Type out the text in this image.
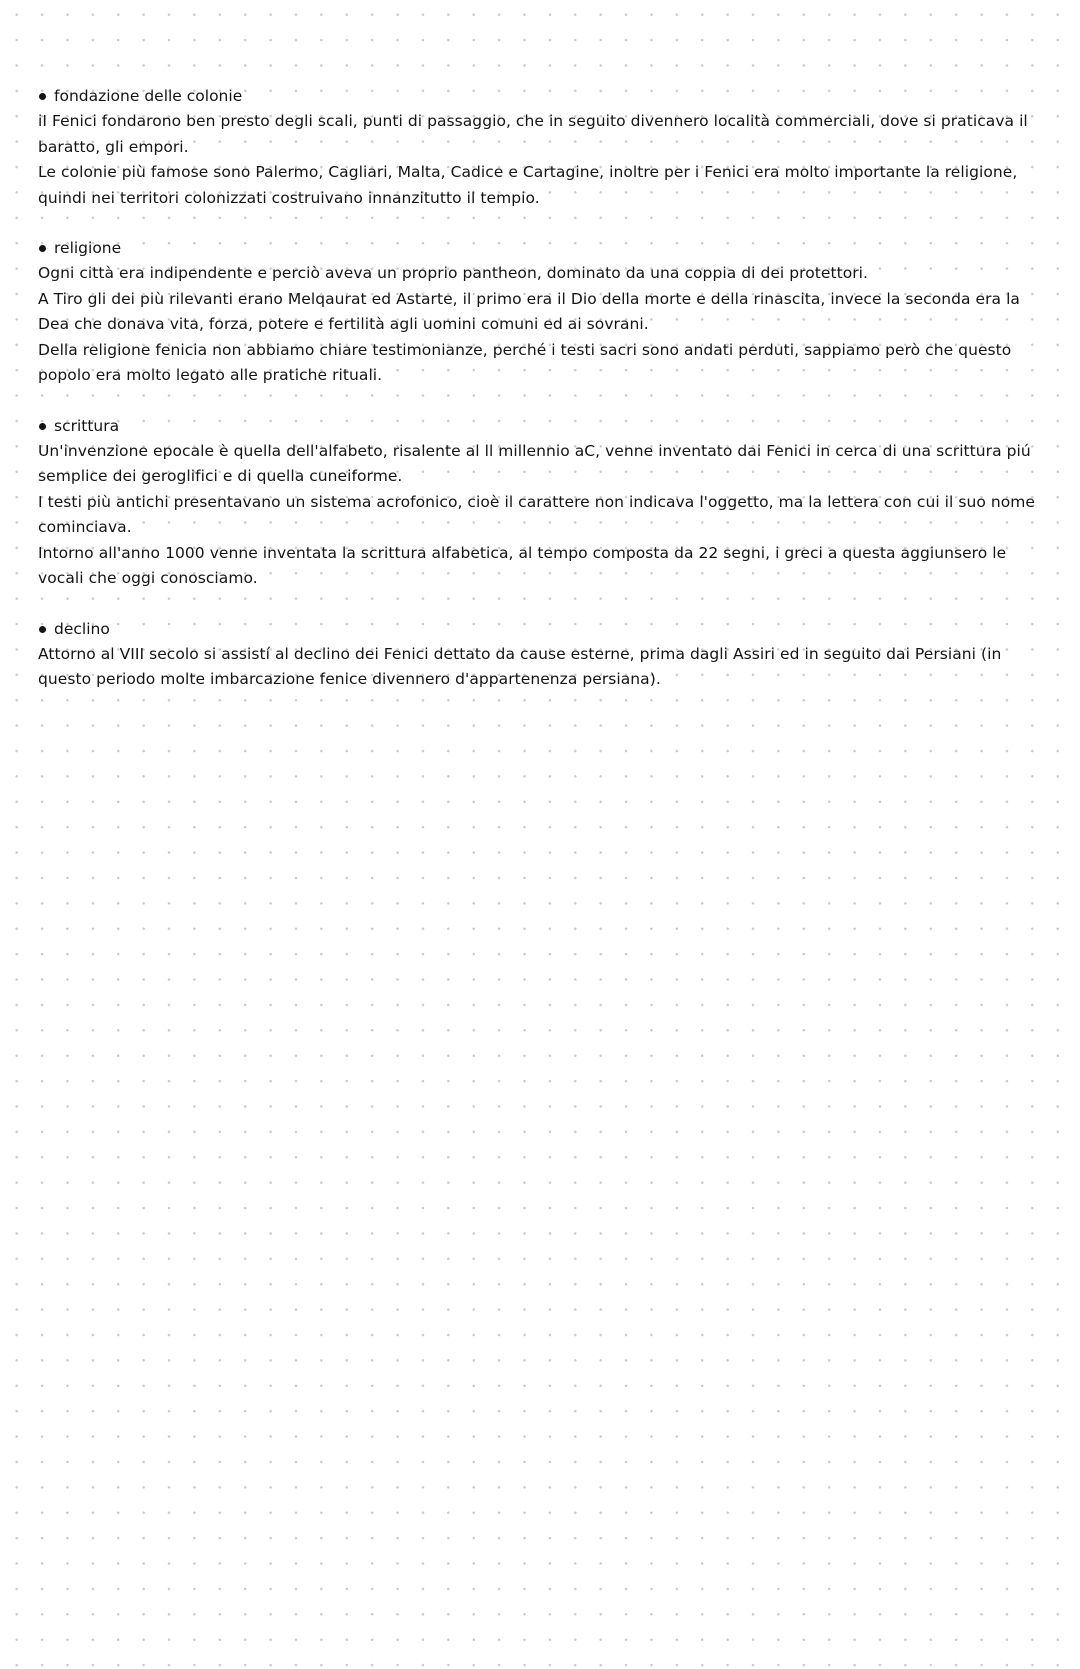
fondazione delle colonie

iI Fenici fondarono ben presto degli scali, punti di passaggio, che in seguito divennero località commerciali, dove si praticava il baratto, gli empori.

Le colonie più famose sono Palermo, Cagliari, Malta, Cadice e Cartagine, inoltre per i Fenici era molto importante la religione, quindi nei territori colonizzati costruivano innanzitutto il tempio.

religione

Ogni città era indipendente e perciò aveva un proprio pantheon, dominato da una coppia di dei protettori.

A Tiro gli dei più rilevanti erano Melqaurat ed Astarte, il primo era il Dio della morte e della rinascita, invece la seconda era la Dea che donava vita, forza, potere e fertilità agli uomini comuni ed ai sovrani.

Della religione fenicia non abbiamo chiare testimonianze, perché i testi sacri sono andati perduti, sappiamo però che questo popolo era molto legato alle pratiche rituali.

scrittura

Un'invenzione epocale è quella dell'alfabeto, risalente al ll millennio aC, venne inventato dai Fenici in cerca di una scrittura piú semplice dei geroglifici e di quella cuneiforme.

I testi più antichi presentavano un sistema acrofonico, cioè il carattere non indicava l'oggetto, ma la lettera con cui il suo nome cominciava.

Intorno all'anno 1000 venne inventata la scrittura alfabetica, al tempo composta da 22 segni, i greci a questa aggiunsero le vocali che oggi conosciamo.

declino

Attorno al VIII secolo si assistí al declino dei Fenici dettato da cause esterne, prima dagli Assiri ed in seguito dai Persiani (in questo periodo molte imbarcazione fenice divennero d'appartenenza persiana).
